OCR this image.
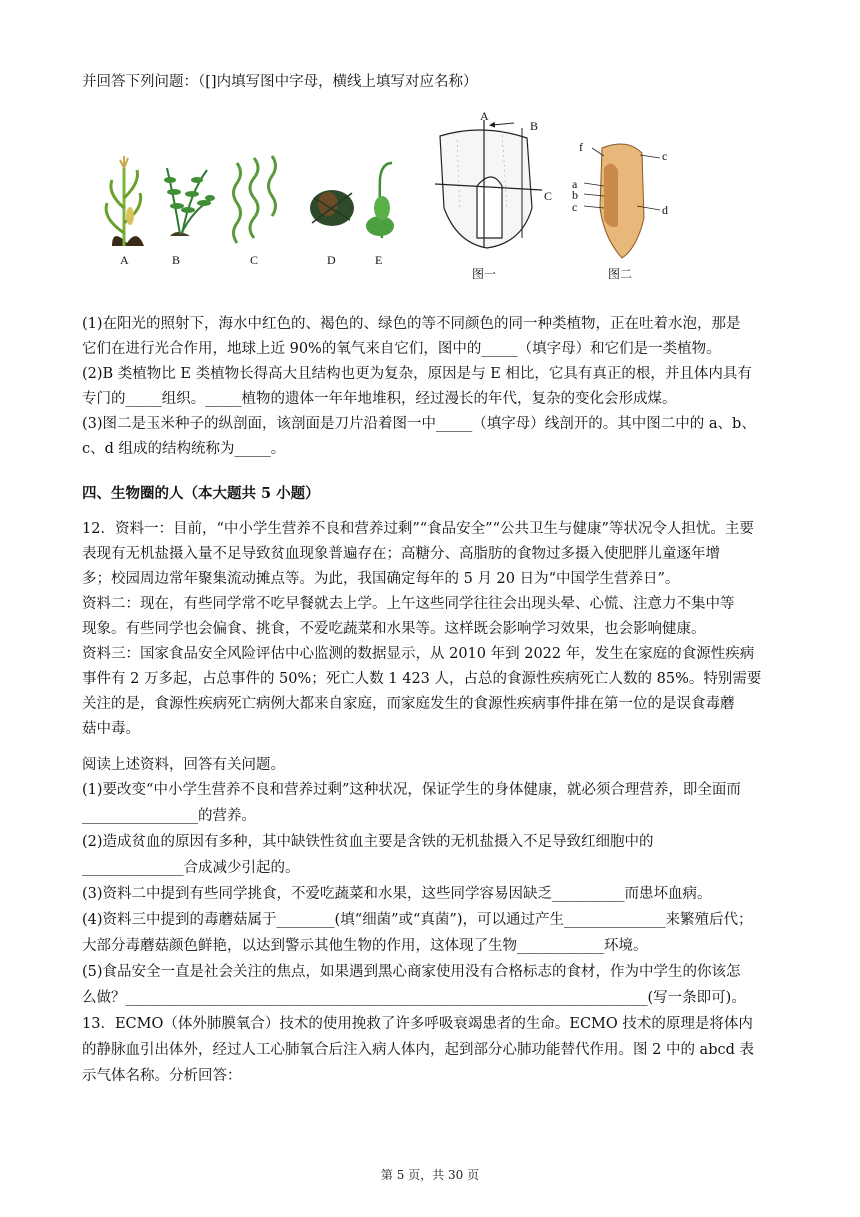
并回答下列问题：（[]内填写图中字母，横线上填写对应名称）
A	B	C	D	E
A
B
C
图一
f
c
a
b
c	d
图二
(1)在阳光的照射下，海水中红色的、褐色的、绿色的等不同颜色的同一种类植物，正在吐着水泡，那是
它们在进行光合作用，地球上近 90%的氧气来自它们，图中的_____（填字母）和它们是一类植物。
(2)B 类植物比 E 类植物长得高大且结构也更为复杂，原因是与 E 相比，它具有真正的根，并且体内具有
专门的_____组织。_____植物的遗体一年年地堆积，经过漫长的年代，复杂的变化会形成煤。
(3)图二是玉米种子的纵剖面，该剖面是刀片沿着图一中_____（填字母）线剖开的。其中图二中的 a、b、
c、d 组成的结构统称为_____。
四、生物圈的人（本大题共 5 小题）
12．资料一：目前，“中小学生营养不良和营养过剩”“食品安全”“公共卫生与健康”等状况令人担忧。主要
表现有无机盐摄入量不足导致贫血现象普遍存在；高糖分、高脂肪的食物过多摄入使肥胖儿童逐年增
多；校园周边常年聚集流动摊点等。为此，我国确定每年的 5 月 20 日为“中国学生营养日”。
资料二：现在，有些同学常不吃早餐就去上学。上午这些同学往往会出现头晕、心慌、注意力不集中等
现象。有些同学也会偏食、挑食，不爱吃蔬菜和水果等。这样既会影响学习效果，也会影响健康。
资料三：国家食品安全风险评估中心监测的数据显示，从 2010 年到 2022 年，发生在家庭的食源性疾病
事件有 2 万多起，占总事件的 50%；死亡人数 1 423 人，占总的食源性疾病死亡人数的 85%。特别需要
关注的是，食源性疾病死亡病例大都来自家庭，而家庭发生的食源性疾病事件排在第一位的是误食毒蘑
菇中毒。
阅读上述资料，回答有关问题。
(1)要改变“中小学生营养不良和营养过剩”这种状况，保证学生的身体健康，就必须合理营养，即全面而
________________的营养。
(2)造成贫血的原因有多种，其中缺铁性贫血主要是含铁的无机盐摄入不足导致红细胞中的
______________合成减少引起的。
(3)资料二中提到有些同学挑食，不爱吃蔬菜和水果，这些同学容易因缺乏__________而患坏血病。
(4)资料三中提到的毒蘑菇属于________(填“细菌”或“真菌”)，可以通过产生______________来繁殖后代；
大部分毒蘑菇颜色鲜艳，以达到警示其他生物的作用，这体现了生物____________环境。
(5)食品安全一直是社会关注的焦点，如果遇到黑心商家使用没有合格标志的食材，作为中学生的你该怎
么做？________________________________________________________________________(写一条即可)。
13．ECMO（体外肺膜氧合）技术的使用挽救了许多呼吸衰竭患者的生命。ECMO 技术的原理是将体内
的静脉血引出体外，经过人工心肺氧合后注入病人体内，起到部分心肺功能替代作用。图 2 中的 abcd 表
示气体名称。分析回答：
第 5 页，共 30 页
